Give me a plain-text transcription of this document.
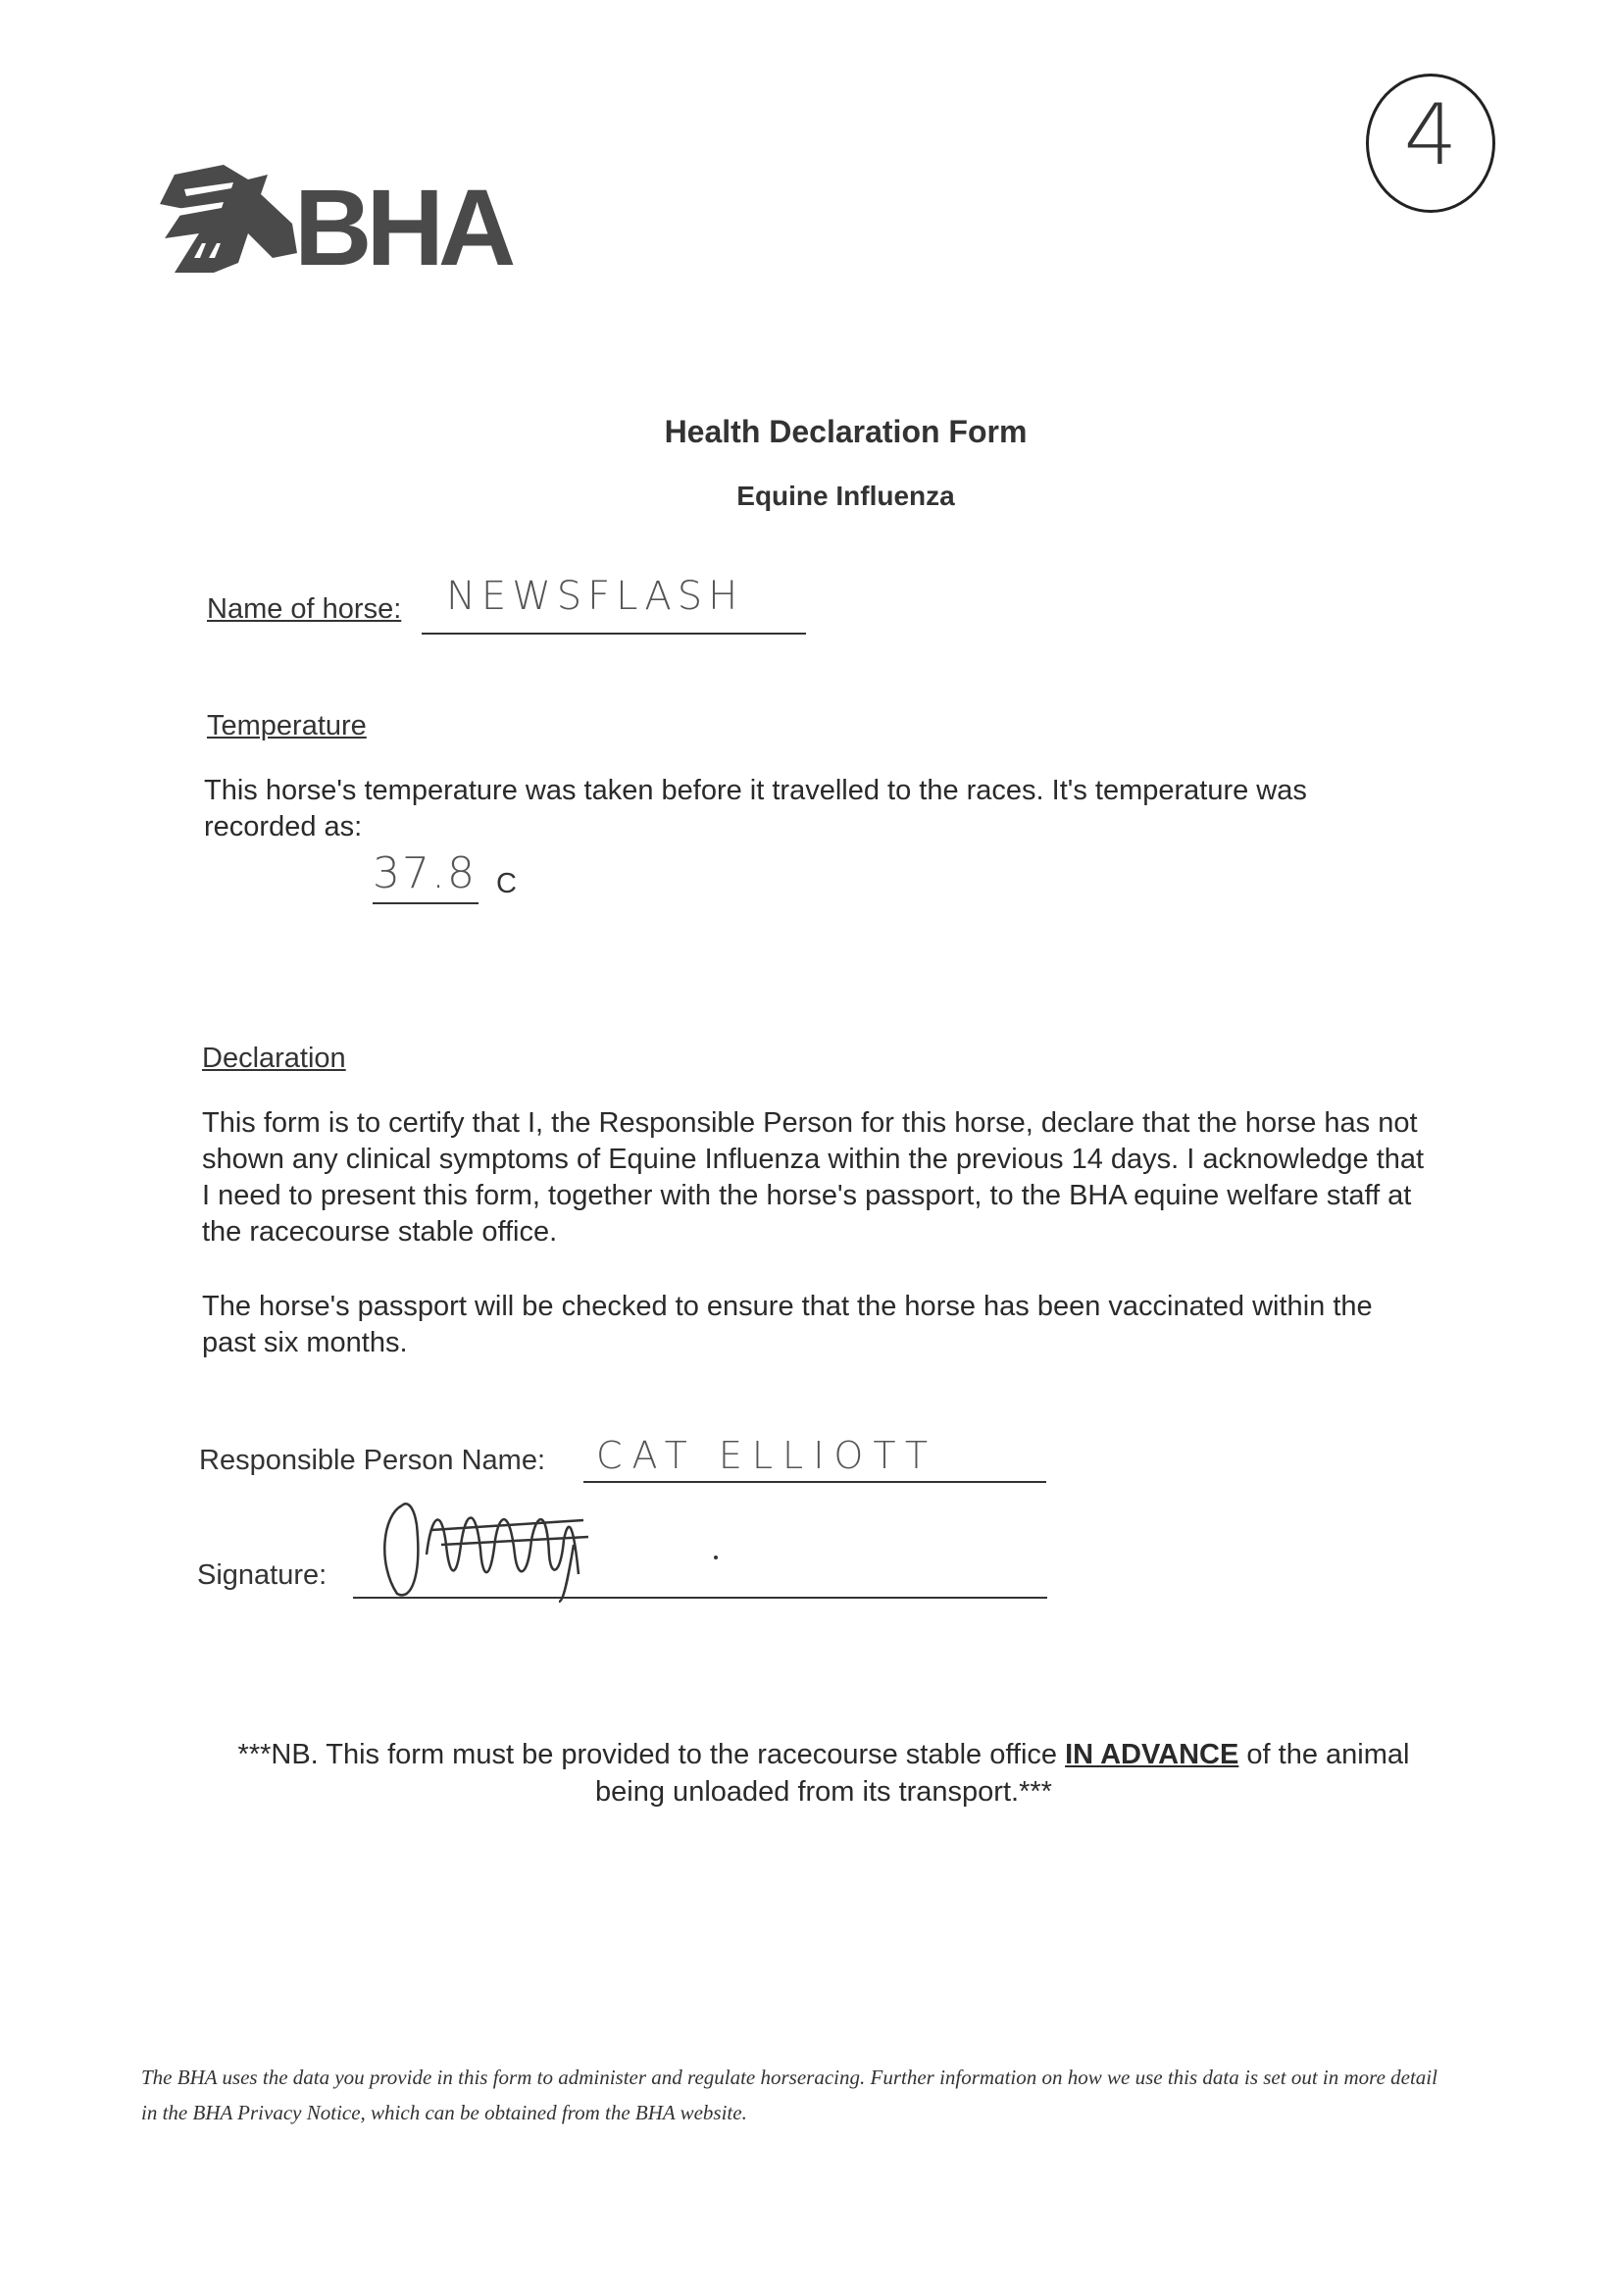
4
BHA
Health Declaration Form
Equine Influenza
Name of horse: NEWSFLASH
Temperature
This horse's temperature was taken before it travelled to the races. It's temperature was recorded as:
37.8 C
Declaration
This form is to certify that I, the Responsible Person for this horse, declare that the horse has not shown any clinical symptoms of Equine Influenza within the previous 14 days. I acknowledge that I need to present this form, together with the horse's passport, to the BHA equine welfare staff at the racecourse stable office.
The horse's passport will be checked to ensure that the horse has been vaccinated within the past six months.
Responsible Person Name: CAT ELLIOTT
Signature:
***NB. This form must be provided to the racecourse stable office IN ADVANCE of the animal being unloaded from its transport.***
The BHA uses the data you provide in this form to administer and regulate horseracing. Further information on how we use this data is set out in more detail in the BHA Privacy Notice, which can be obtained from the BHA website.
